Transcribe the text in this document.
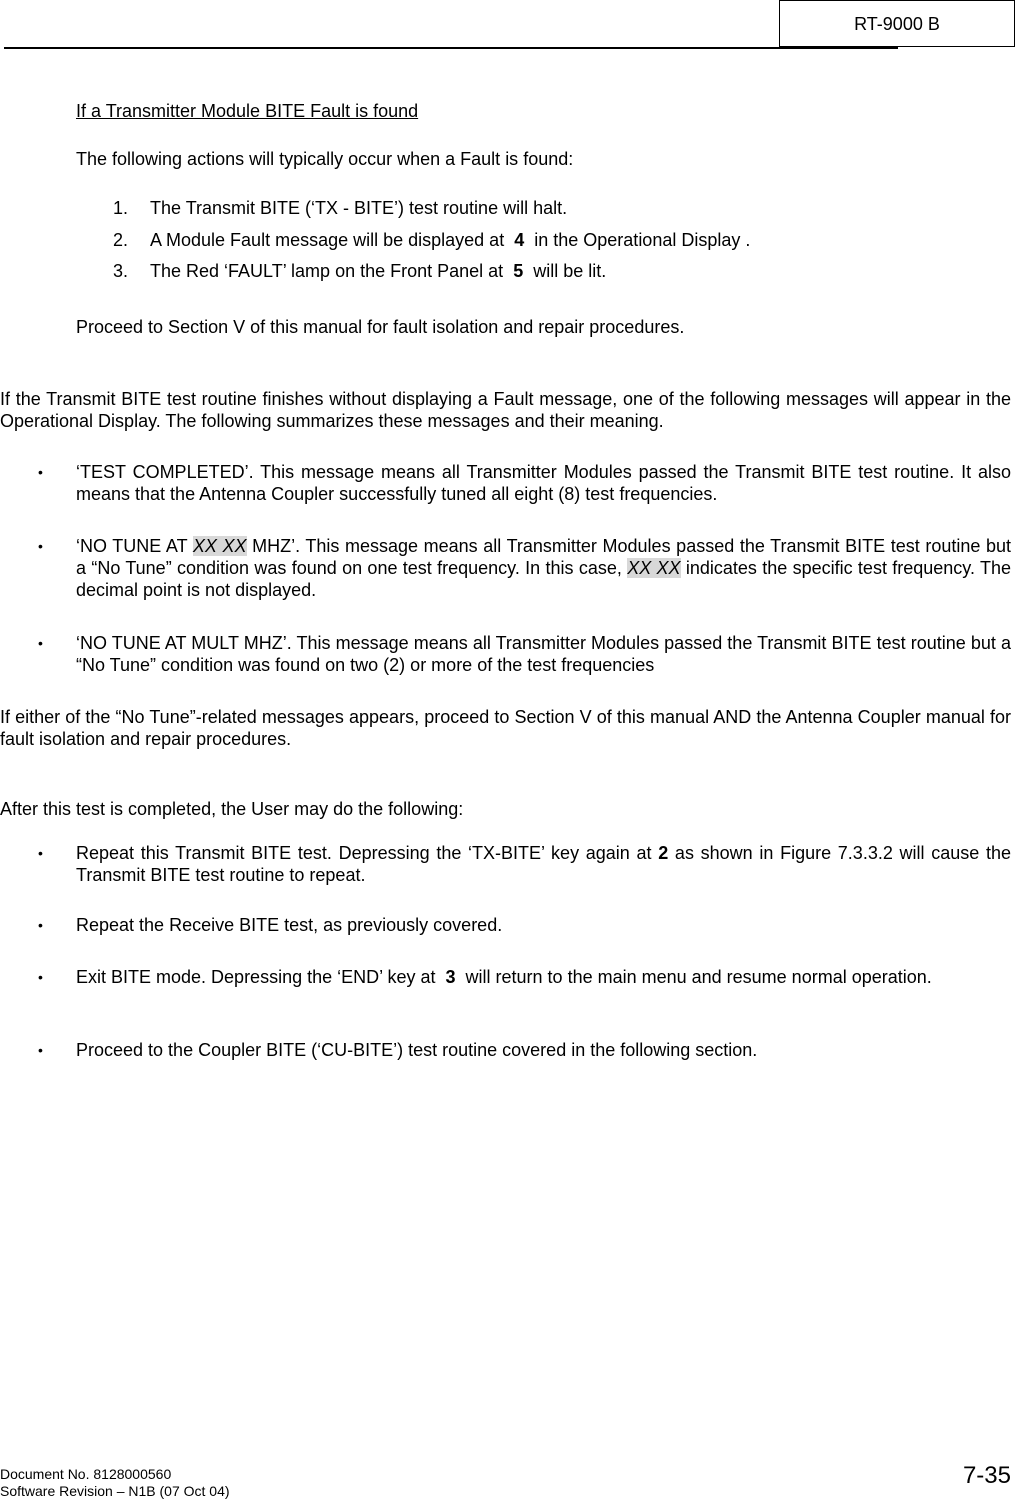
RT-9000 B
If a Transmitter Module BITE Fault is found
The following actions will typically occur when a Fault is found:
1. The Transmit BITE (‘TX - BITE’) test routine will halt.
2. A Module Fault message will be displayed at 4 in the Operational Display .
3. The Red ‘FAULT’ lamp on the Front Panel at 5 will be lit.
Proceed to Section V of this manual for fault isolation and repair procedures.
If the Transmit BITE test routine finishes without displaying a Fault message, one of the following messages will appear in the Operational Display. The following summarizes these messages and their meaning.
• ‘TEST COMPLETED’. This message means all Transmitter Modules passed the Transmit BITE test routine. It also means that the Antenna Coupler successfully tuned all eight (8) test frequencies.
• ‘NO TUNE AT XX XX MHZ’. This message means all Transmitter Modules passed the Transmit BITE test routine but a “No Tune” condition was found on one test frequency. In this case, XX XX indicates the specific test frequency. The decimal point is not displayed.
• ‘NO TUNE AT MULT MHZ’. This message means all Transmitter Modules passed the Transmit BITE test routine but a “No Tune” condition was found on two (2) or more of the test frequencies
If either of the “No Tune”-related messages appears, proceed to Section V of this manual AND the Antenna Coupler manual for fault isolation and repair procedures.
After this test is completed, the User may do the following:
• Repeat this Transmit BITE test. Depressing the ‘TX-BITE’ key again at 2 as shown in Figure 7.3.3.2 will cause the Transmit BITE test routine to repeat.
• Repeat the Receive BITE test, as previously covered.
• Exit BITE mode. Depressing the ‘END’ key at  3  will return to the main menu and resume normal operation.
• Proceed to the Coupler BITE (‘CU-BITE’) test routine covered in the following section.
Document No. 8128000560
Software Revision – N1B (07 Oct 04)
7-35
